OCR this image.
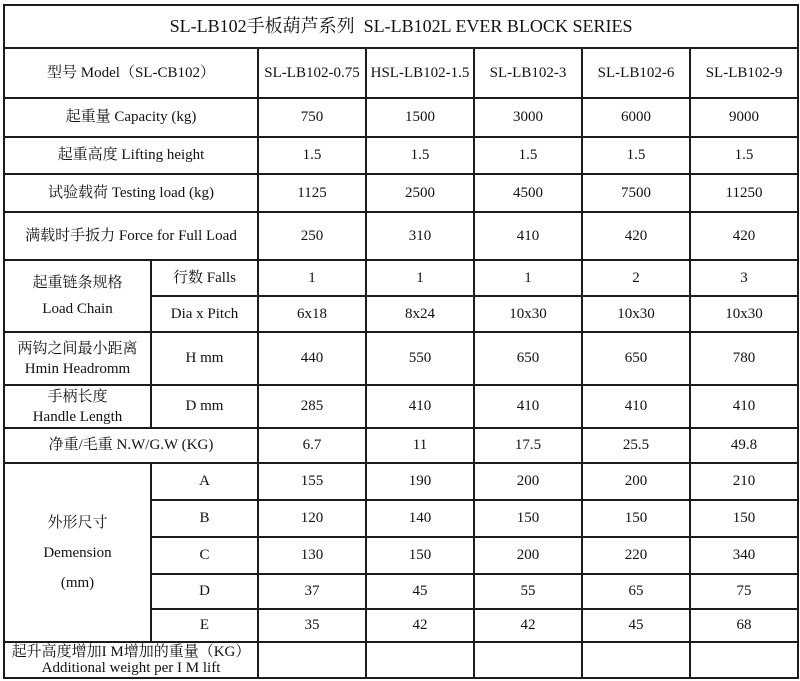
SL-LB102手板葫芦系列  SL-LB102L EVER BLOCK SERIES						
型号 Model（SL-CB102）		SL-LB102-0.75	HSL-LB102-1.5	SL-LB102-3	SL-LB102-6	SL-LB102-9
起重量 Capacity (kg)		750	1500	3000	6000	9000
起重高度 Lifting height		1.5	1.5	1.5	1.5	1.5
试验载荷 Testing load (kg)		1125	2500	4500	7500	11250
满载时手扳力 Force for Full Load		250	310	410	420	420

起重链条规格
Load Chain	行数 Falls	1	1	1	2	3
	Dia x Pitch	6x18	8x24	10x30	10x30	10x30

两钩之间最小距离
Hmin Headromm	H mm	440	550	650	650	780

手柄长度
Handle Length	D mm	285	410	410	410	410
净重/毛重 N.W/G.W (KG)		6.7	11	17.5	25.5	49.8

外形尺寸
Demension
(mm)	A	155	190	200	200	210
	B	120	140	150	150	150
	C	130	150	200	220	340
	D	37	45	55	65	75
	E	35	42	42	45	68

起升高度增加I M增加的重量（KG）
Additional weight per I M lift						
